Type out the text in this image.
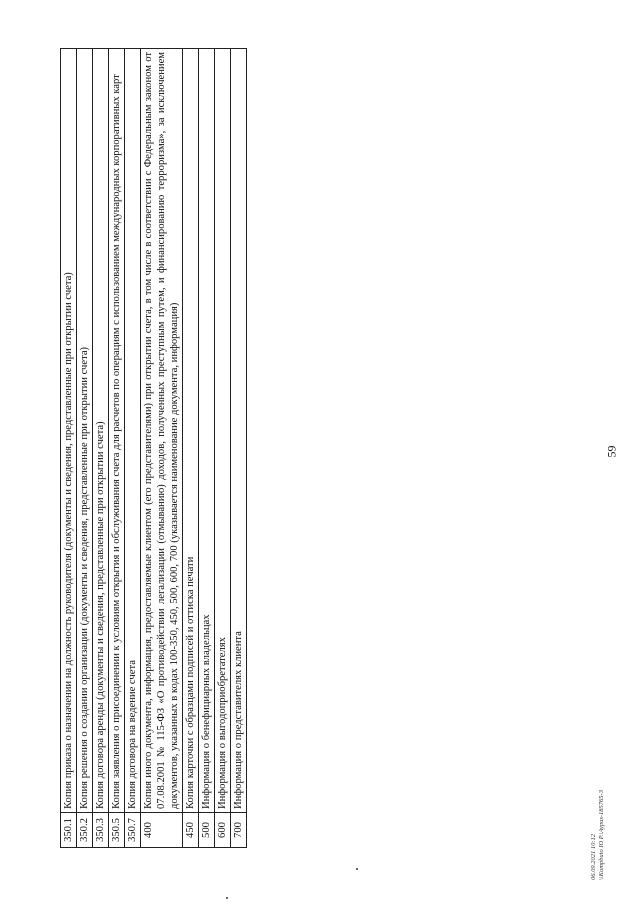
350.1	Копия приказа о назначении на должность руководителя (документы и сведения, представленные при открытии счета)
350.2	Копия решения о создании организации (документы и сведения, представленные при открытии счета)
350.3	Копия договора аренды (документы и сведения, представленные при открытии счета)
350.5	Копия заявления о присоединении к условиям открытия и обслуживания счета для расчетов по операциям с использованием международных корпоративных карт
350.7	Копия договора на ведение счета
400	Копия иного документа, информация, предоставляемые клиентом (его представителями) при открытии счета, в том числе в соответствии с Федеральным законом от 07.08.2001 № 115-ФЗ «О противодействии легализации (отмыванию) доходов, полученных преступным путем, и финансированию терроризма», за исключением документов, указанных в кодах 100-350, 450, 500, 600, 700 (указывается наименование документа, информация)
450	Копия карточки с образцами подписей и оттиска печати
500	Информация о бенефициарных владельцах
600	Информация о выгодоприобретателях
700	Информация о представителях клиента
59
06.09.2021 10:12 \\Kompbuto IO P.\Aypus-185765-3
